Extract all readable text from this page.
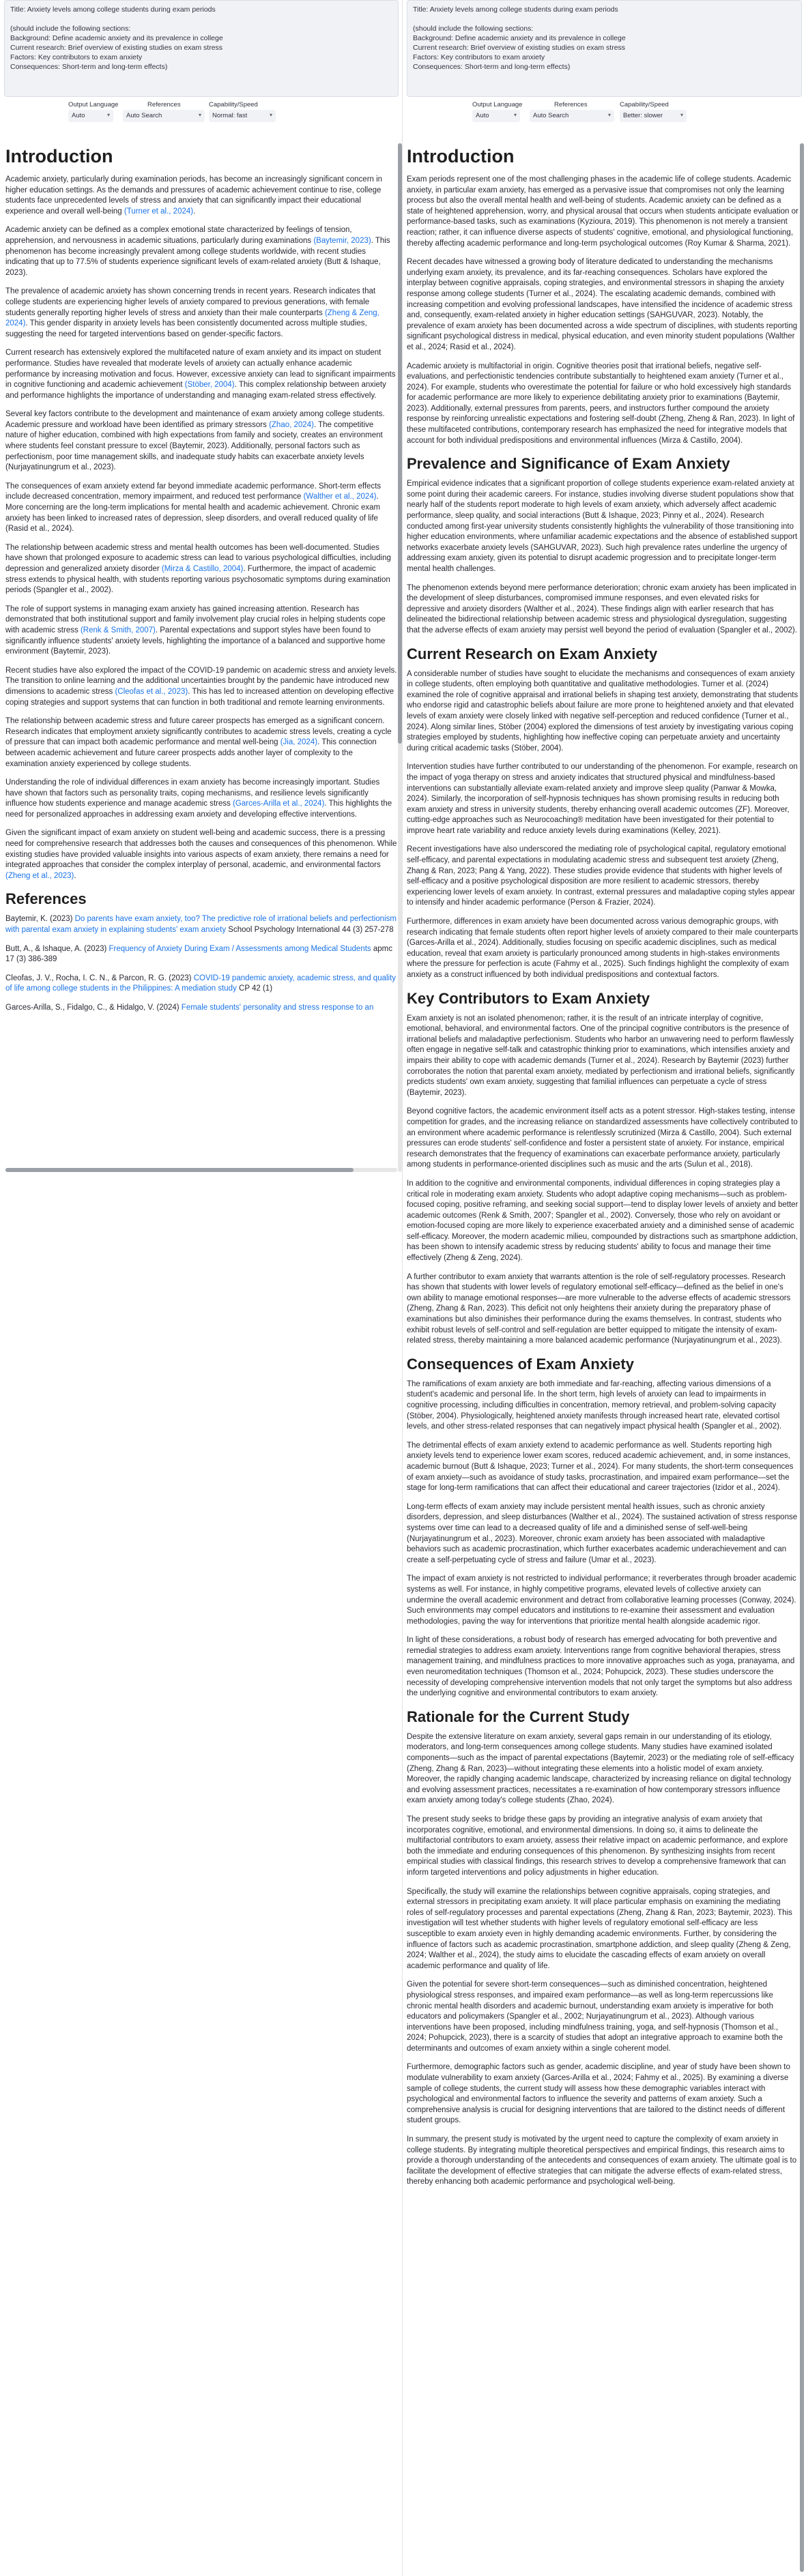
Title: Anxiety levels among college students during exam periods

(should include the following sections:
Background: Define academic anxiety and its prevalence in college
Current research: Brief overview of existing studies on exam stress
Factors: Key contributors to exam anxiety
Consequences: Short-term and long-term effects)
Output Language
Auto	▾
References
Auto Search	▾
Capability/Speed
Normal: fast	▾
Introduction

Academic anxiety, particularly during examination periods, has become an increasingly significant concern in higher education settings. As the demands and pressures of academic achievement continue to rise, college students face unprecedented levels of stress and anxiety that can significantly impact their educational experience and overall well-being (Turner et al., 2024).

Academic anxiety can be defined as a complex emotional state characterized by feelings of tension, apprehension, and nervousness in academic situations, particularly during examinations (Baytemir, 2023). This phenomenon has become increasingly prevalent among college students worldwide, with recent studies indicating that up to 77.5% of students experience significant levels of exam-related anxiety (Butt & Ishaque, 2023).

The prevalence of academic anxiety has shown concerning trends in recent years. Research indicates that college students are experiencing higher levels of anxiety compared to previous generations, with female students generally reporting higher levels of stress and anxiety than their male counterparts (Zheng & Zeng, 2024). This gender disparity in anxiety levels has been consistently documented across multiple studies, suggesting the need for targeted interventions based on gender-specific factors.

Current research has extensively explored the multifaceted nature of exam anxiety and its impact on student performance. Studies have revealed that moderate levels of anxiety can actually enhance academic performance by increasing motivation and focus. However, excessive anxiety can lead to significant impairments in cognitive functioning and academic achievement (Stöber, 2004). This complex relationship between anxiety and performance highlights the importance of understanding and managing exam-related stress effectively.

Several key factors contribute to the development and maintenance of exam anxiety among college students. Academic pressure and workload have been identified as primary stressors (Zhao, 2024). The competitive nature of higher education, combined with high expectations from family and society, creates an environment where students feel constant pressure to excel (Baytemir, 2023). Additionally, personal factors such as perfectionism, poor time management skills, and inadequate study habits can exacerbate anxiety levels (Nurjayatinungrum et al., 2023).

The consequences of exam anxiety extend far beyond immediate academic performance. Short-term effects include decreased concentration, memory impairment, and reduced test performance (Walther et al., 2024). More concerning are the long-term implications for mental health and academic achievement. Chronic exam anxiety has been linked to increased rates of depression, sleep disorders, and overall reduced quality of life (Rasid et al., 2024).

The relationship between academic stress and mental health outcomes has been well-documented. Studies have shown that prolonged exposure to academic stress can lead to various psychological difficulties, including depression and generalized anxiety disorder (Mirza & Castillo, 2004). Furthermore, the impact of academic stress extends to physical health, with students reporting various psychosomatic symptoms during examination periods (Spangler et al., 2002).

The role of support systems in managing exam anxiety has gained increasing attention. Research has demonstrated that both institutional support and family involvement play crucial roles in helping students cope with academic stress (Renk & Smith, 2007). Parental expectations and support styles have been found to significantly influence students' anxiety levels, highlighting the importance of a balanced and supportive home environment (Baytemir, 2023).

Recent studies have also explored the impact of the COVID-19 pandemic on academic stress and anxiety levels. The transition to online learning and the additional uncertainties brought by the pandemic have introduced new dimensions to academic stress (Cleofas et al., 2023). This has led to increased attention on developing effective coping strategies and support systems that can function in both traditional and remote learning environments.

The relationship between academic stress and future career prospects has emerged as a significant concern. Research indicates that employment anxiety significantly contributes to academic stress levels, creating a cycle of pressure that can impact both academic performance and mental well-being (Jia, 2024). This connection between academic achievement and future career prospects adds another layer of complexity to the examination anxiety experienced by college students.

Understanding the role of individual differences in exam anxiety has become increasingly important. Studies have shown that factors such as personality traits, coping mechanisms, and resilience levels significantly influence how students experience and manage academic stress (Garces-Arilla et al., 2024). This highlights the need for personalized approaches in addressing exam anxiety and developing effective interventions.

Given the significant impact of exam anxiety on student well-being and academic success, there is a pressing need for comprehensive research that addresses both the causes and consequences of this phenomenon. While existing studies have provided valuable insights into various aspects of exam anxiety, there remains a need for integrated approaches that consider the complex interplay of personal, academic, and environmental factors (Zheng et al., 2023).

References

Baytemir, K. (2023) Do parents have exam anxiety, too? The predictive role of irrational beliefs and perfectionism with parental exam anxiety in explaining students' exam anxiety School Psychology International 44 (3) 257-278

Butt, A., & Ishaque, A. (2023) Frequency of Anxiety During Exam / Assessments among Medical Students apmc 17 (3) 386-389

Cleofas, J. V., Rocha, I. C. N., & Parcon, R. G. (2023) COVID-19 pandemic anxiety, academic stress, and quality of life among college students in the Philippines: A mediation study CP 42 (1)

Garces-Arilla, S., Fidalgo, C., & Hidalgo, V. (2024) Female students' personality and stress response to an

Title: Anxiety levels among college students during exam periods

(should include the following sections:
Background: Define academic anxiety and its prevalence in college
Current research: Brief overview of existing studies on exam stress
Factors: Key contributors to exam anxiety
Consequences: Short-term and long-term effects)
Output Language
Auto	▾
References
Auto Search	▾
Capability/Speed
Better: slower	▾
Introduction

Exam periods represent one of the most challenging phases in the academic life of college students. Academic anxiety, in particular exam anxiety, has emerged as a pervasive issue that compromises not only the learning process but also the overall mental health and well-being of students. Academic anxiety can be defined as a state of heightened apprehension, worry, and physical arousal that occurs when students anticipate evaluation or performance-based tasks, such as examinations (Kyzioura, 2019). This phenomenon is not merely a transient reaction; rather, it can influence diverse aspects of students' cognitive, emotional, and physiological functioning, thereby affecting academic performance and long-term psychological outcomes (Roy Kumar & Sharma, 2021).

Recent decades have witnessed a growing body of literature dedicated to understanding the mechanisms underlying exam anxiety, its prevalence, and its far-reaching consequences. Scholars have explored the interplay between cognitive appraisals, coping strategies, and environmental stressors in shaping the anxiety response among college students (Turner et al., 2024). The escalating academic demands, combined with increasing competition and evolving professional landscapes, have intensified the incidence of academic stress and, consequently, exam-related anxiety in higher education settings (SAHGUVAR, 2023). Notably, the prevalence of exam anxiety has been documented across a wide spectrum of disciplines, with students reporting significant psychological distress in medical, physical education, and even minority student populations (Walther et al., 2024; Rasid et al., 2024).

Academic anxiety is multifactorial in origin. Cognitive theories posit that irrational beliefs, negative self-evaluations, and perfectionistic tendencies contribute substantially to heightened exam anxiety (Turner et al., 2024). For example, students who overestimate the potential for failure or who hold excessively high standards for academic performance are more likely to experience debilitating anxiety prior to examinations (Baytemir, 2023). Additionally, external pressures from parents, peers, and instructors further compound the anxiety response by reinforcing unrealistic expectations and fostering self-doubt (Zheng, Zheng & Ran, 2023). In light of these multifaceted contributions, contemporary research has emphasized the need for integrative models that account for both individual predispositions and environmental influences (Mirza & Castillo, 2004).

Prevalence and Significance of Exam Anxiety

Empirical evidence indicates that a significant proportion of college students experience exam-related anxiety at some point during their academic careers. For instance, studies involving diverse student populations show that nearly half of the students report moderate to high levels of exam anxiety, which adversely affect academic performance, sleep quality, and social interactions (Butt & Ishaque, 2023; Pinny et al., 2024). Research conducted among first-year university students consistently highlights the vulnerability of those transitioning into higher education environments, where unfamiliar academic expectations and the absence of established support networks exacerbate anxiety levels (SAHGUVAR, 2023). Such high prevalence rates underline the urgency of addressing exam anxiety, given its potential to disrupt academic progression and to precipitate longer-term mental health challenges.

The phenomenon extends beyond mere performance deterioration; chronic exam anxiety has been implicated in the development of sleep disturbances, compromised immune responses, and even elevated risks for depressive and anxiety disorders (Walther et al., 2024). These findings align with earlier research that has delineated the bidirectional relationship between academic stress and physiological dysregulation, suggesting that the adverse effects of exam anxiety may persist well beyond the period of evaluation (Spangler et al., 2002).

Current Research on Exam Anxiety

A considerable number of studies have sought to elucidate the mechanisms and consequences of exam anxiety in college students, often employing both quantitative and qualitative methodologies. Turner et al. (2024) examined the role of cognitive appraisal and irrational beliefs in shaping test anxiety, demonstrating that students who endorse rigid and catastrophic beliefs about failure are more prone to heightened anxiety and that elevated levels of exam anxiety were closely linked with negative self-perception and reduced confidence (Turner et al., 2024). Along similar lines, Stöber (2004) explored the dimensions of test anxiety by investigating various coping strategies employed by students, highlighting how ineffective coping can perpetuate anxiety and uncertainty during critical academic tasks (Stöber, 2004).

Intervention studies have further contributed to our understanding of the phenomenon. For example, research on the impact of yoga therapy on stress and anxiety indicates that structured physical and mindfulness-based interventions can substantially alleviate exam-related anxiety and improve sleep quality (Panwar & Mowka, 2024). Similarly, the incorporation of self-hypnosis techniques has shown promising results in reducing both exam anxiety and stress in university students, thereby enhancing overall academic outcomes (ZF). Moreover, cutting-edge approaches such as Neurocoaching® meditation have been investigated for their potential to improve heart rate variability and reduce anxiety levels during examinations (Kelley, 2021).

Recent investigations have also underscored the mediating role of psychological capital, regulatory emotional self-efficacy, and parental expectations in modulating academic stress and subsequent test anxiety (Zheng, Zhang & Ran, 2023; Pang & Yang, 2022). These studies provide evidence that students with higher levels of self-efficacy and a positive psychological disposition are more resilient to academic stressors, thereby experiencing lower levels of exam anxiety. In contrast, external pressures and maladaptive coping styles appear to intensify and hinder academic performance (Person & Frazier, 2024).

Furthermore, differences in exam anxiety have been documented across various demographic groups, with research indicating that female students often report higher levels of anxiety compared to their male counterparts (Garces-Arilla et al., 2024). Additionally, studies focusing on specific academic disciplines, such as medical education, reveal that exam anxiety is particularly pronounced among students in high-stakes environments where the pressure for perfection is acute (Fahmy et al., 2025). Such findings highlight the complexity of exam anxiety as a construct influenced by both individual predispositions and contextual factors.

Key Contributors to Exam Anxiety

Exam anxiety is not an isolated phenomenon; rather, it is the result of an intricate interplay of cognitive, emotional, behavioral, and environmental factors. One of the principal cognitive contributors is the presence of irrational beliefs and maladaptive perfectionism. Students who harbor an unwavering need to perform flawlessly often engage in negative self-talk and catastrophic thinking prior to examinations, which intensifies anxiety and impairs their ability to cope with academic demands (Turner et al., 2024). Research by Baytemir (2023) further corroborates the notion that parental exam anxiety, mediated by perfectionism and irrational beliefs, significantly predicts students' own exam anxiety, suggesting that familial influences can perpetuate a cycle of stress (Baytemir, 2023).

Beyond cognitive factors, the academic environment itself acts as a potent stressor. High-stakes testing, intense competition for grades, and the increasing reliance on standardized assessments have collectively contributed to an environment where academic performance is relentlessly scrutinized (Mirza & Castillo, 2004). Such external pressures can erode students' self-confidence and foster a persistent state of anxiety. For instance, empirical research demonstrates that the frequency of examinations can exacerbate performance anxiety, particularly among students in performance-oriented disciplines such as music and the arts (Sulun et al., 2018).

In addition to the cognitive and environmental components, individual differences in coping strategies play a critical role in moderating exam anxiety. Students who adopt adaptive coping mechanisms—such as problem-focused coping, positive reframing, and seeking social support—tend to display lower levels of anxiety and better academic outcomes (Renk & Smith, 2007; Spangler et al., 2002). Conversely, those who rely on avoidant or emotion-focused coping are more likely to experience exacerbated anxiety and a diminished sense of academic self-efficacy. Moreover, the modern academic milieu, compounded by distractions such as smartphone addiction, has been shown to intensify academic stress by reducing students' ability to focus and manage their time effectively (Zheng & Zeng, 2024).

A further contributor to exam anxiety that warrants attention is the role of self-regulatory processes. Research has shown that students with lower levels of regulatory emotional self-efficacy—defined as the belief in one's own ability to manage emotional responses—are more vulnerable to the adverse effects of academic stressors (Zheng, Zhang & Ran, 2023). This deficit not only heightens their anxiety during the preparatory phase of examinations but also diminishes their performance during the exams themselves. In contrast, students who exhibit robust levels of self-control and self-regulation are better equipped to mitigate the intensity of exam-related stress, thereby maintaining a more balanced academic performance (Nurjayatinungrum et al., 2023).

Consequences of Exam Anxiety

The ramifications of exam anxiety are both immediate and far-reaching, affecting various dimensions of a student's academic and personal life. In the short term, high levels of anxiety can lead to impairments in cognitive processing, including difficulties in concentration, memory retrieval, and problem-solving capacity (Stöber, 2004). Physiologically, heightened anxiety manifests through increased heart rate, elevated cortisol levels, and other stress-related responses that can negatively impact physical health (Spangler et al., 2002).

The detrimental effects of exam anxiety extend to academic performance as well. Students reporting high anxiety levels tend to experience lower exam scores, reduced academic achievement, and, in some instances, academic burnout (Butt & Ishaque, 2023; Turner et al., 2024). For many students, the short-term consequences of exam anxiety—such as avoidance of study tasks, procrastination, and impaired exam performance—set the stage for long-term ramifications that can affect their educational and career trajectories (Izidor et al., 2024).

Long-term effects of exam anxiety may include persistent mental health issues, such as chronic anxiety disorders, depression, and sleep disturbances (Walther et al., 2024). The sustained activation of stress response systems over time can lead to a decreased quality of life and a diminished sense of self-well-being (Nurjayatinungrum et al., 2023). Moreover, chronic exam anxiety has been associated with maladaptive behaviors such as academic procrastination, which further exacerbates academic underachievement and can create a self-perpetuating cycle of stress and failure (Umar et al., 2023).

The impact of exam anxiety is not restricted to individual performance; it reverberates through broader academic systems as well. For instance, in highly competitive programs, elevated levels of collective anxiety can undermine the overall academic environment and detract from collaborative learning processes (Conway, 2024). Such environments may compel educators and institutions to re-examine their assessment and evaluation methodologies, paving the way for interventions that prioritize mental health alongside academic rigor.

In light of these considerations, a robust body of research has emerged advocating for both preventive and remedial strategies to address exam anxiety. Interventions range from cognitive behavioral therapies, stress management training, and mindfulness practices to more innovative approaches such as yoga, pranayama, and even neuromeditation techniques (Thomson et al., 2024; Pohupcick, 2023). These studies underscore the necessity of developing comprehensive intervention models that not only target the symptoms but also address the underlying cognitive and environmental contributors to exam anxiety.

Rationale for the Current Study

Despite the extensive literature on exam anxiety, several gaps remain in our understanding of its etiology, moderators, and long-term consequences among college students. Many studies have examined isolated components—such as the impact of parental expectations (Baytemir, 2023) or the mediating role of self-efficacy (Zheng, Zhang & Ran, 2023)—without integrating these elements into a holistic model of exam anxiety. Moreover, the rapidly changing academic landscape, characterized by increasing reliance on digital technology and evolving assessment practices, necessitates a re-examination of how contemporary stressors influence exam anxiety among today's college students (Zhao, 2024).

The present study seeks to bridge these gaps by providing an integrative analysis of exam anxiety that incorporates cognitive, emotional, and environmental dimensions. In doing so, it aims to delineate the multifactorial contributors to exam anxiety, assess their relative impact on academic performance, and explore both the immediate and enduring consequences of this phenomenon. By synthesizing insights from recent empirical studies with classical findings, this research strives to develop a comprehensive framework that can inform targeted interventions and policy adjustments in higher education.

Specifically, the study will examine the relationships between cognitive appraisals, coping strategies, and external stressors in precipitating exam anxiety. It will place particular emphasis on examining the mediating roles of self-regulatory processes and parental expectations (Zheng, Zhang & Ran, 2023; Baytemir, 2023). This investigation will test whether students with higher levels of regulatory emotional self-efficacy are less susceptible to exam anxiety even in highly demanding academic environments. Further, by considering the influence of factors such as academic procrastination, smartphone addiction, and sleep quality (Zheng & Zeng, 2024; Walther et al., 2024), the study aims to elucidate the cascading effects of exam anxiety on overall academic performance and quality of life.

Given the potential for severe short-term consequences—such as diminished concentration, heightened physiological stress responses, and impaired exam performance—as well as long-term repercussions like chronic mental health disorders and academic burnout, understanding exam anxiety is imperative for both educators and policymakers (Spangler et al., 2002; Nurjayatinungrum et al., 2023). Although various interventions have been proposed, including mindfulness training, yoga, and self-hypnosis (Thomson et al., 2024; Pohupcick, 2023), there is a scarcity of studies that adopt an integrative approach to examine both the determinants and outcomes of exam anxiety within a single coherent model.

Furthermore, demographic factors such as gender, academic discipline, and year of study have been shown to modulate vulnerability to exam anxiety (Garces-Arilla et al., 2024; Fahmy et al., 2025). By examining a diverse sample of college students, the current study will assess how these demographic variables interact with psychological and environmental factors to influence the severity and patterns of exam anxiety. Such a comprehensive analysis is crucial for designing interventions that are tailored to the distinct needs of different student groups.

In summary, the present study is motivated by the urgent need to capture the complexity of exam anxiety in college students. By integrating multiple theoretical perspectives and empirical findings, this research aims to provide a thorough understanding of the antecedents and consequences of exam anxiety. The ultimate goal is to facilitate the development of effective strategies that can mitigate the adverse effects of exam-related stress, thereby enhancing both academic performance and psychological well-being.
